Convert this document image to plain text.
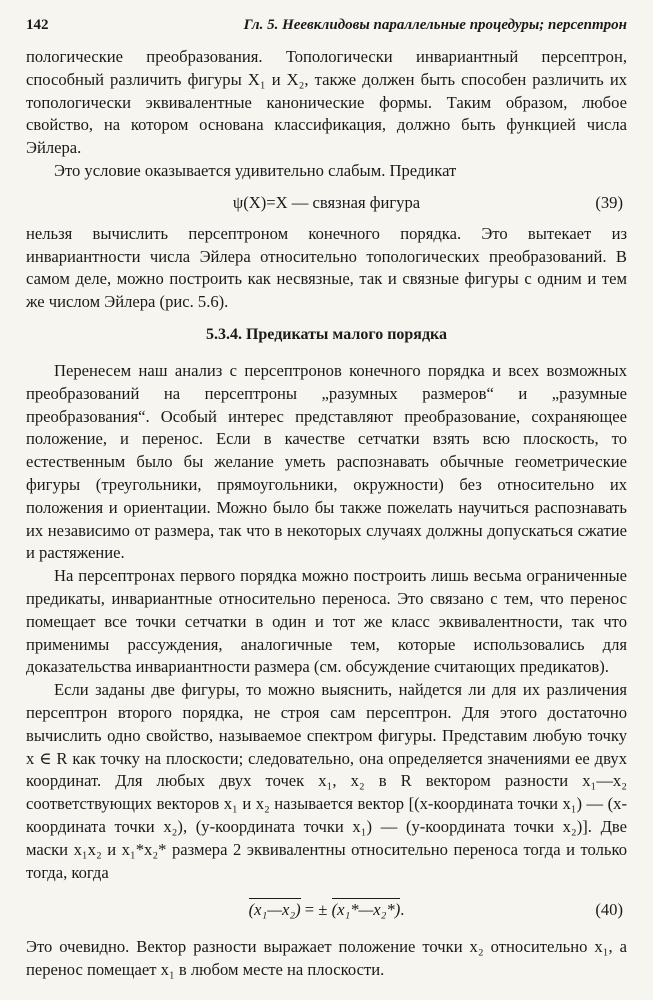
142	Гл. 5. Неевклидовы параллельные процедуры; персептрон

пологические преобразования. Топологически инвариантный персептрон, способный различить фигуры X₁ и X₂, также должен быть способен различить их топологически эквивалентные канонические формы. Таким образом, любое свойство, на котором основана классификация, должно быть функцией числа Эйлера.

Это условие оказывается удивительно слабым. Предикат

ψ(X)=X — связная фигура	(39)

нельзя вычислить персептроном конечного порядка. Это вытекает из инвариантности числа Эйлера относительно топологических преобразований. В самом деле, можно построить как несвязные, так и связные фигуры с одним и тем же числом Эйлера (рис. 5.6).

5.3.4. Предикаты малого порядка

Перенесем наш анализ с персептронов конечного порядка и всех возможных преобразований на персептроны „разумных размеров“ и „разумные преобразования“. Особый интерес представляют преобразование, сохраняющее положение, и перенос. Если в качестве сетчатки взять всю плоскость, то естественным было бы желание уметь распознавать обычные геометрические фигуры (треугольники, прямоугольники, окружности) без относительно их положения и ориентации. Можно было бы также пожелать научиться распознавать их независимо от размера, так что в некоторых случаях должны допускаться сжатие и растяжение.

На персептронах первого порядка можно построить лишь весьма ограниченные предикаты, инвариантные относительно переноса. Это связано с тем, что перенос помещает все точки сетчатки в один и тот же класс эквивалентности, так что применимы рассуждения, аналогичные тем, которые использовались для доказательства инвариантности размера (см. обсуждение считающих предикатов).

Если заданы две фигуры, то можно выяснить, найдется ли для их различения персептрон второго порядка, не строя сам персептрон. Для этого достаточно вычислить одно свойство, называемое спектром фигуры. Представим любую точку x ∈ R как точку на плоскости; следовательно, она определяется значениями ее двух координат. Для любых двух точек x₁, x₂ в R вектором разности x₁—x₂ соответствующих векторов x₁ и x₂ называется вектор [(x-координата точки x₁) — (x-координата точки x₂), (y-координата точки x₁) — (y-координата точки x₂)]. Две маски x₁x₂ и x₁*x₂* размера 2 эквивалентны относительно переноса тогда и только тогда, когда

(x₁—x₂) = ± (x₁*—x₂*).	(40)

Это очевидно. Вектор разности выражает положение точки x₂ относительно x₁, а перенос помещает x₁ в любом месте на плоскости.
